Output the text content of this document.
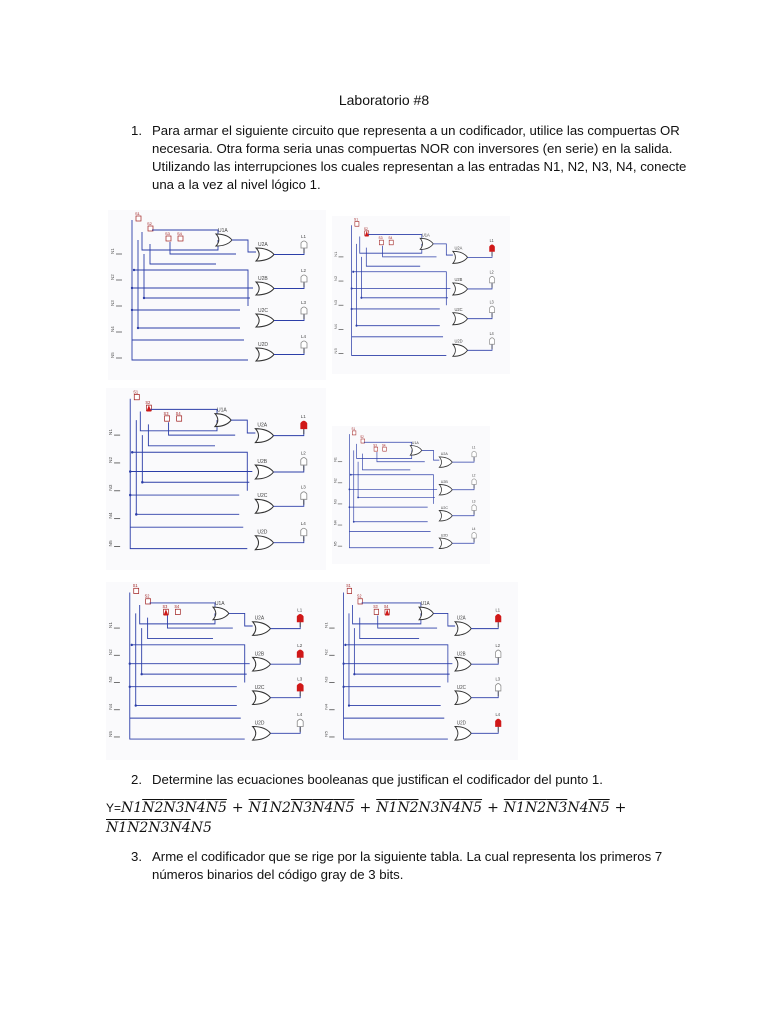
Laboratorio #8
1. Para armar el siguiente circuito que representa a un codificador, utilice las compuertas OR
necesaria. Otra forma seria unas compuertas NOR con inversores (en serie) en la salida.
Utilizando las interrupciones los cuales representan a las entradas N1, N2, N3, N4, conecte
una a la vez al nivel lógico 1.
S1
S2
S3 S4
N1
N2
N3
N4
N5
U1A
U2A
U2B
U2C
U2D
L1
L2
L3
L4
S1
S2
S3 S4
N1
N2
N3
N4
N5
U1A
U2A
U2B
U2C
U2D
L1
L2
L3
L4
S1
S2
S3 S4
N1
N2
N3
N4
N5
U1A
U2A
U2B
U2C
U2D
L1
L2
L3
L4
S1
S2
S3 S4
N1
N2
N3
N4
N5
U1A
U2A
U2B
U2C
U2D
L1
L2
L3
L4
S1
S2
S3 S4
N1
N2
N3
N4
N5
U1A
U2A
U2B
U2C
U2D
L1
L2
L3
L4
S1
S2
S3 S4
N1
N2
N3
N4
N5
U1A
U2A
U2B
U2C
U2D
L1
L2
L3
L4
2. Determine las ecuaciones booleanas que justifican el codificador del punto 1.
Y=N1N2N3N4N5 + N1N2N3N4N5 + N1N2N3N4N5 + N1N2N3N4N5 +
N1N2N3N4N5
3. Arme el codificador que se rige por la siguiente tabla. La cual representa los primeros 7
números binarios del código gray de 3 bits.
